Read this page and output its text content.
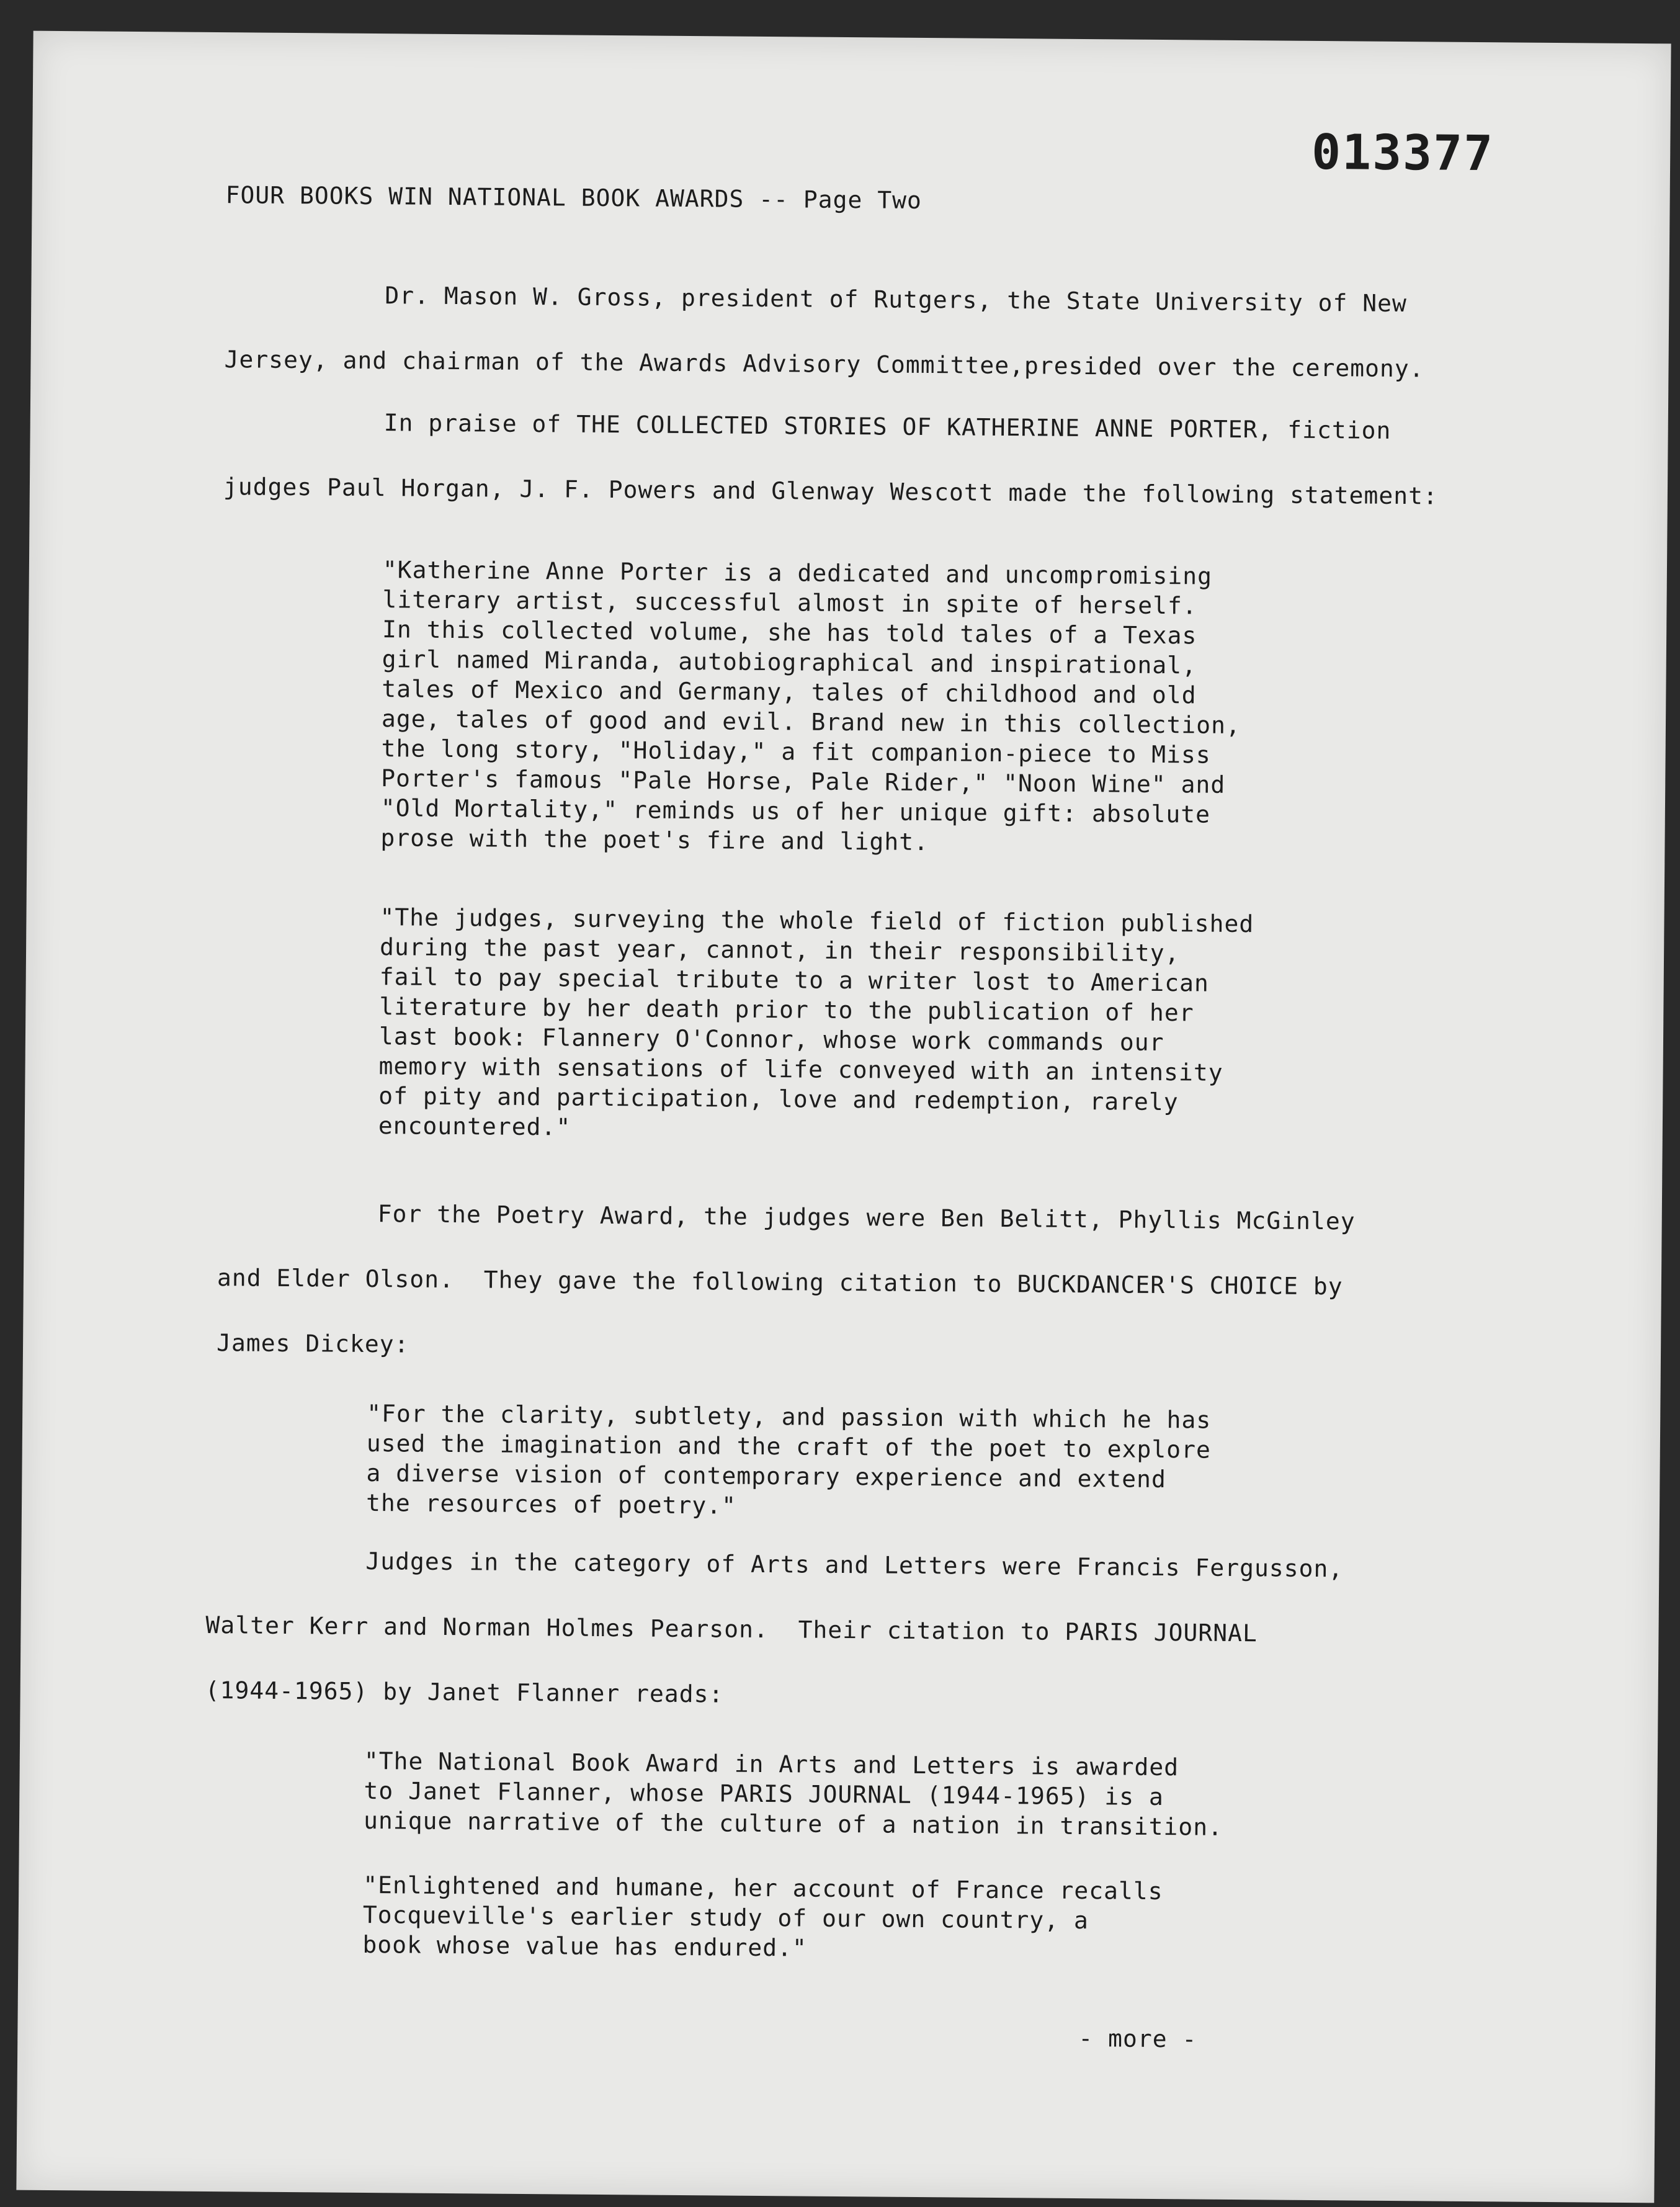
013377
FOUR BOOKS WIN NATIONAL BOOK AWARDS -- Page Two
Dr. Mason W. Gross, president of Rutgers, the State University of New
Jersey, and chairman of the Awards Advisory Committee,presided over the ceremony.
In praise of THE COLLECTED STORIES OF KATHERINE ANNE PORTER, fiction
judges Paul Horgan, J. F. Powers and Glenway Wescott made the following statement:
"Katherine Anne Porter is a dedicated and uncompromising
literary artist, successful almost in spite of herself.
In this collected volume, she has told tales of a Texas
girl named Miranda, autobiographical and inspirational,
tales of Mexico and Germany, tales of childhood and old
age, tales of good and evil. Brand new in this collection,
the long story, "Holiday," a fit companion-piece to Miss
Porter's famous "Pale Horse, Pale Rider," "Noon Wine" and
"Old Mortality," reminds us of her unique gift: absolute
prose with the poet's fire and light.
"The judges, surveying the whole field of fiction published
during the past year, cannot, in their responsibility,
fail to pay special tribute to a writer lost to American
literature by her death prior to the publication of her
last book: Flannery O'Connor, whose work commands our
memory with sensations of life conveyed with an intensity
of pity and participation, love and redemption, rarely
encountered."
For the Poetry Award, the judges were Ben Belitt, Phyllis McGinley
and Elder Olson.  They gave the following citation to BUCKDANCER'S CHOICE by
James Dickey:
"For the clarity, subtlety, and passion with which he has
used the imagination and the craft of the poet to explore
a diverse vision of contemporary experience and extend
the resources of poetry."
Judges in the category of Arts and Letters were Francis Fergusson,
Walter Kerr and Norman Holmes Pearson.  Their citation to PARIS JOURNAL
(1944-1965) by Janet Flanner reads:
"The National Book Award in Arts and Letters is awarded
to Janet Flanner, whose PARIS JOURNAL (1944-1965) is a
unique narrative of the culture of a nation in transition.
"Enlightened and humane, her account of France recalls
Tocqueville's earlier study of our own country, a
book whose value has endured."
- more -
